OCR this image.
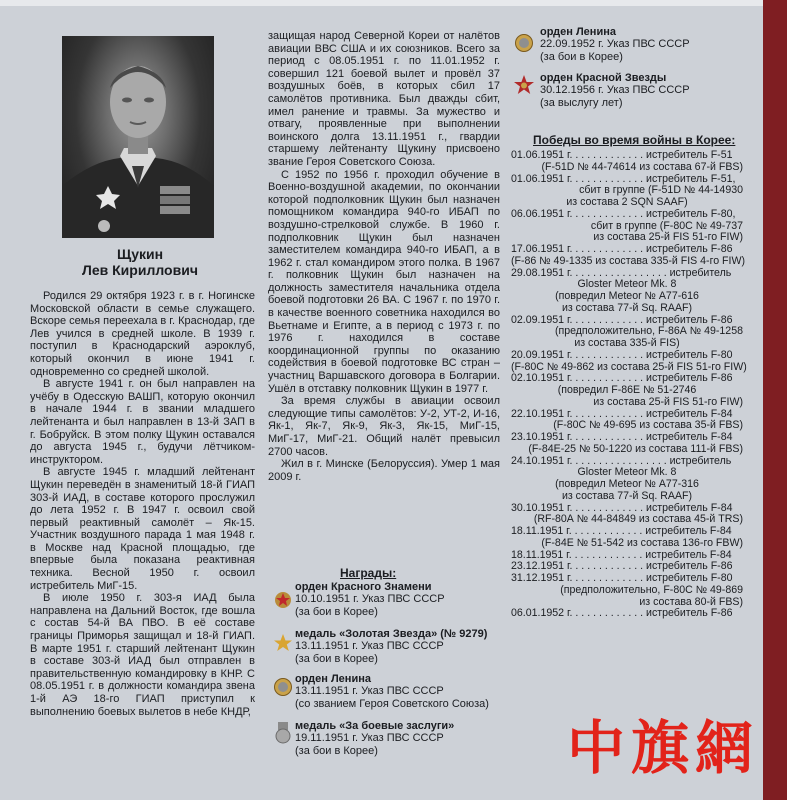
Щукин
Лев Кириллович

Родился 29 октября 1923 г. в г. Ногинске Московской области в семье служащего. Вскоре семья переехала в г. Краснодар, где Лев учился в средней школе. В 1939 г. поступил в Краснодарский аэроклуб, который окончил в июне 1941 г. одновременно со средней школой.

В августе 1941 г. он был направлен на учёбу в Одесскую ВАШП, которую окончил в начале 1944 г. в звании младшего лейтенанта и был направлен в 13-й ЗАП в г. Бобруйск. В этом полку Щукин оставался до августа 1945 г., будучи лётчиком-инструктором.

В августе 1945 г. младший лейтенант Щукин переведён в знаменитый 18-й ГИАП 303-й ИАД, в составе которого прослужил до лета 1952 г. В 1947 г. освоил свой первый реактивный самолёт – Як-15. Участник воздушного парада 1 мая 1948 г. в Москве над Красной площадью, где впервые была показана реактивная техника. Весной 1950 г. освоил истребитель МиГ-15.

В июле 1950 г. 303-я ИАД была направлена на Дальний Восток, где вошла с состав 54-й ВА ПВО. В её составе границы Приморья защищал и 18-й ГИАП. В марте 1951 г. старший лейтенант Щукин в составе 303-й ИАД был отправлен в правительственную командировку в КНР. С 08.05.1951 г. в должности командира звена 1-й АЭ 18-го ГИАП приступил к выполнению боевых вылетов в небе КНДР,

защищая народ Северной Кореи от налётов авиации ВВС США и их союзников. Всего за период с 08.05.1951 г. по 11.01.1952 г. совершил 121 боевой вылет и провёл 37 воздушных боёв, в которых сбил 17 самолётов противника. Был дважды сбит, имел ранение и травмы. За мужество и отвагу, проявленные при выполнении воинского долга 13.11.1951 г., гвардии старшему лейтенанту Щукину присвоено звание Героя Советского Союза.

С 1952 по 1956 г. проходил обучение в Военно-воздушной академии, по окончании которой подполковник Щукин был назначен помощником командира 940-го ИБАП по воздушно-стрелковой службе. В 1960 г. подполковник Щукин был назначен заместителем командира 940-го ИБАП, а в 1962 г. стал командиром этого полка. В 1967 г. полковник Щукин был назначен на должность заместителя начальника отдела боевой подготовки 26 ВА. С 1967 г. по 1970 г. в качестве военного советника находился во Вьетнаме и Египте, а в период с 1973 г. по 1976 г. находился в составе координационной группы по оказанию содействия в боевой подготовке ВС стран – участниц Варшавского договора в Болгарии. Ушёл в отставку полковник Щукин в 1977 г.

За время службы в авиации освоил следующие типы самолётов: У-2, УТ-2, И-16, Як-1, Як-7, Як-9, Як-3, Як-15, МиГ-15, МиГ-17, МиГ-21. Общий налёт превысил 2700 часов.

Жил в г. Минске (Белоруссия). Умер 1 мая 2009 г.

Награды:
орден Красного Знамени
10.10.1951 г. Указ ПВС СССР
(за бои в Корее)
медаль «Золотая Звезда» (№ 9279)
13.11.1951 г. Указ ПВС СССР
(за бои в Корее)
орден Ленина
13.11.1951 г. Указ ПВС СССР
(со званием Героя Советского Союза)
медаль «За боевые заслуги»
19.11.1951 г. Указ ПВС СССР
(за бои в Корее)
орден Ленина
22.09.1952 г. Указ ПВС СССР
(за бои в Корее)
орден Красной Звезды
30.12.1956 г. Указ ПВС СССР
(за выслугу лет)
Победы во время войны в Корее:
01.06.1951 г. . . . . . . . . . . . . истребитель F-51
(F-51D № 44-74614 из состава 67-й FBS)
01.06.1951 г. . . . . . . . . . . . . истребитель F-51,
сбит в группе (F-51D № 44-14930
из состава 2 SQN SAAF)
06.06.1951 г. . . . . . . . . . . . . истребитель F-80,
сбит в группе (F-80С № 49-737
из состава 25-й FIS 51-го FIW)
17.06.1951 г. . . . . . . . . . . . . истребитель F-86
(F-86 № 49-1335 из состава 335-й FIS 4-го FIW)
29.08.1951 г. . . . . . . . . . . . . . . . . истребитель
Gloster Meteor Mk. 8
(повредил Meteor № А77-616
из состава 77-й Sq. RAAF)
02.09.1951 г. . . . . . . . . . . . . истребитель F-86
(предположительно, F-86А № 49-1258
из состава 335-й FIS)
20.09.1951 г. . . . . . . . . . . . . истребитель F-80
(F-80С № 49-862 из состава 25-й FIS 51-го FIW)
02.10.1951 г. . . . . . . . . . . . . истребитель F-86
(повредил F-86Е № 51-2746
из состава 25-й FIS 51-го FIW)
22.10.1951 г. . . . . . . . . . . . . истребитель F-84
(F-80С № 49-695 из состава 35-й FBS)
23.10.1951 г. . . . . . . . . . . . . истребитель F-84
(F-84Е-25 № 50-1220 из состава 111-й FBS)
24.10.1951 г. . . . . . . . . . . . . . . . . истребитель
Gloster Meteor Mk. 8
(повредил Meteor № А77-316
из состава 77-й Sq. RAAF)
30.10.1951 г. . . . . . . . . . . . . истребитель F-84
(RF-80А № 44-84849 из состава 45-й TRS)
18.11.1951 г. . . . . . . . . . . . . истребитель F-84
(F-84Е № 51-542 из состава 136-го FBW)
18.11.1951 г. . . . . . . . . . . . . истребитель F-84
23.12.1951 г. . . . . . . . . . . . . истребитель F-86
31.12.1951 г. . . . . . . . . . . . . истребитель F-80
(предположительно, F-80С № 49-869
из состава 80-й FBS)
06.01.1952 г. . . . . . . . . . . . . истребитель F-86
中 旗 網
